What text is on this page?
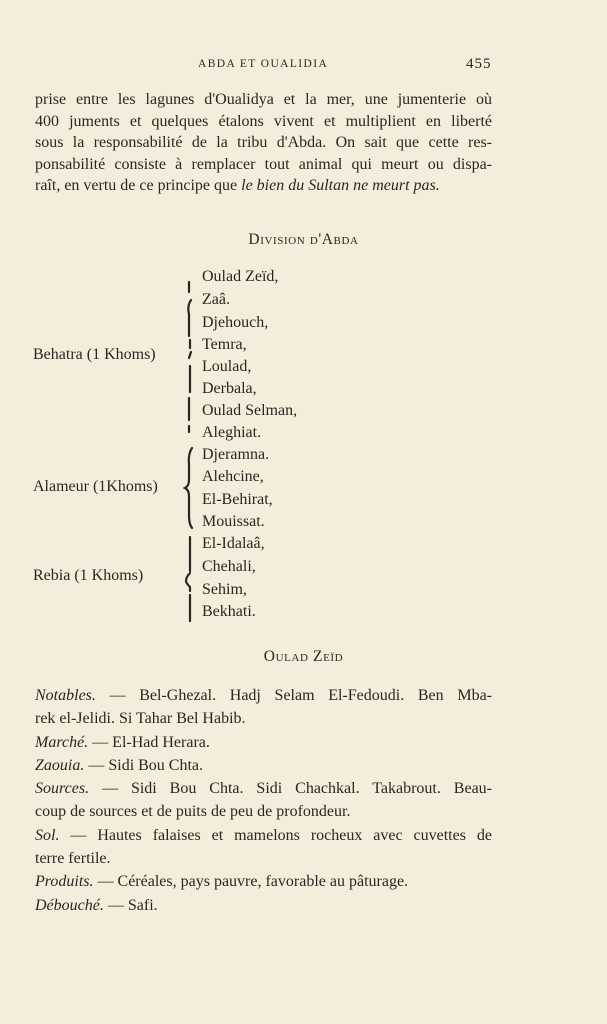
ABDA ET OUALIDIA	455
prise entre les lagunes d'Oualidya et la mer, une jumenterie où
400 juments et quelques étalons vivent et multiplient en liberté
sous la responsabilité de la tribu d'Abda. On sait que cette res-
ponsabilité consiste à remplacer tout animal qui meurt ou dispa-
raît, en vertu de ce principe que le bien du Sultan ne meurt pas.
Division d'Abda
Behatra (1 Khoms)
Oulad Zeïd,
Zaâ.
Djehouch,
Temra,
Loulad,
Derbala,
Oulad Selman,
Aleghiat.
Alameur (1Khoms)
Djeramna.
Alehcine,
El-Behirat,
Mouissat.
Rebia (1 Khoms)
El-Idalaâ,
Chehali,
Sehim,
Bekhati.
Oulad Zeïd
Notables. — Bel-Ghezal. Hadj Selam El-Fedoudi. Ben Mba-
rek el-Jelidi. Si Tahar Bel Habib.
Marché. — El-Had Herara.
Zaouia. — Sidi Bou Chta.
Sources. — Sidi Bou Chta. Sidi Chachkal. Takabrout. Beau-
coup de sources et de puits de peu de profondeur.
Sol. — Hautes falaises et mamelons rocheux avec cuvettes de
terre fertile.
Produits. — Céréales, pays pauvre, favorable au pâturage.
Débouché. — Safi.
